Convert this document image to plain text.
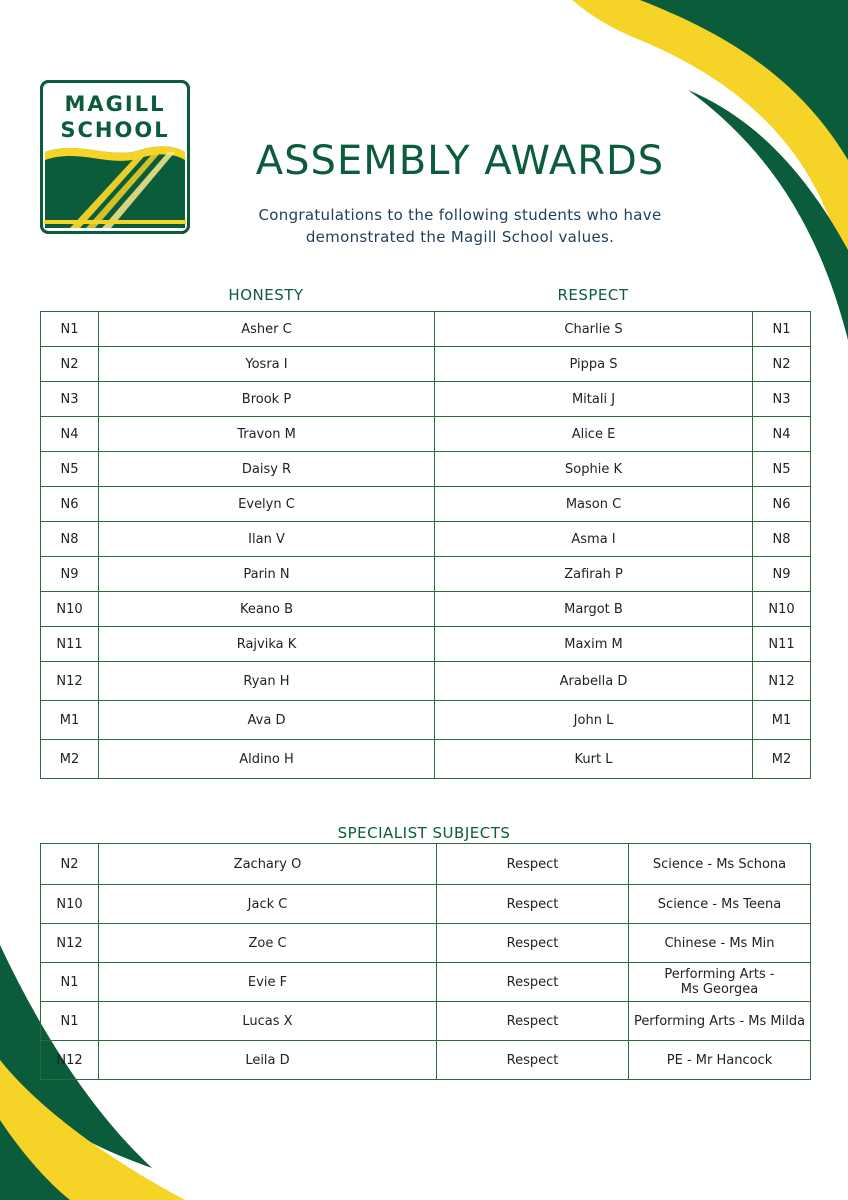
MAGILL
SCHOOL
ASSEMBLY AWARDS
Congratulations to the following students who have
demonstrated the Magill School values.
HONESTY	RESPECT
N1	Asher C	Charlie S	N1
N2	Yosra I	Pippa S	N2
N3	Brook P	Mitali J	N3
N4	Travon M	Alice E	N4
N5	Daisy R	Sophie K	N5
N6	Evelyn C	Mason C	N6
N8	Ilan V	Asma I	N8
N9	Parin N	Zafirah P	N9
N10	Keano B	Margot B	N10
N11	Rajvika K	Maxim M	N11
N12	Ryan H	Arabella D	N12
M1	Ava D	John L	M1
M2	Aldino H	Kurt L	M2
SPECIALIST SUBJECTS
N2	Zachary O	Respect	Science - Ms Schona

N10	Jack C	Respect	Science - Ms Teena

N12	Zoe C	Respect	Chinese - Ms Min

N1	Evie F	Respect	Performing Arts -
Ms Georgea

N1	Lucas X	Respect	Performing Arts - Ms Milda

N12	Leila D	Respect	PE - Mr Hancock
